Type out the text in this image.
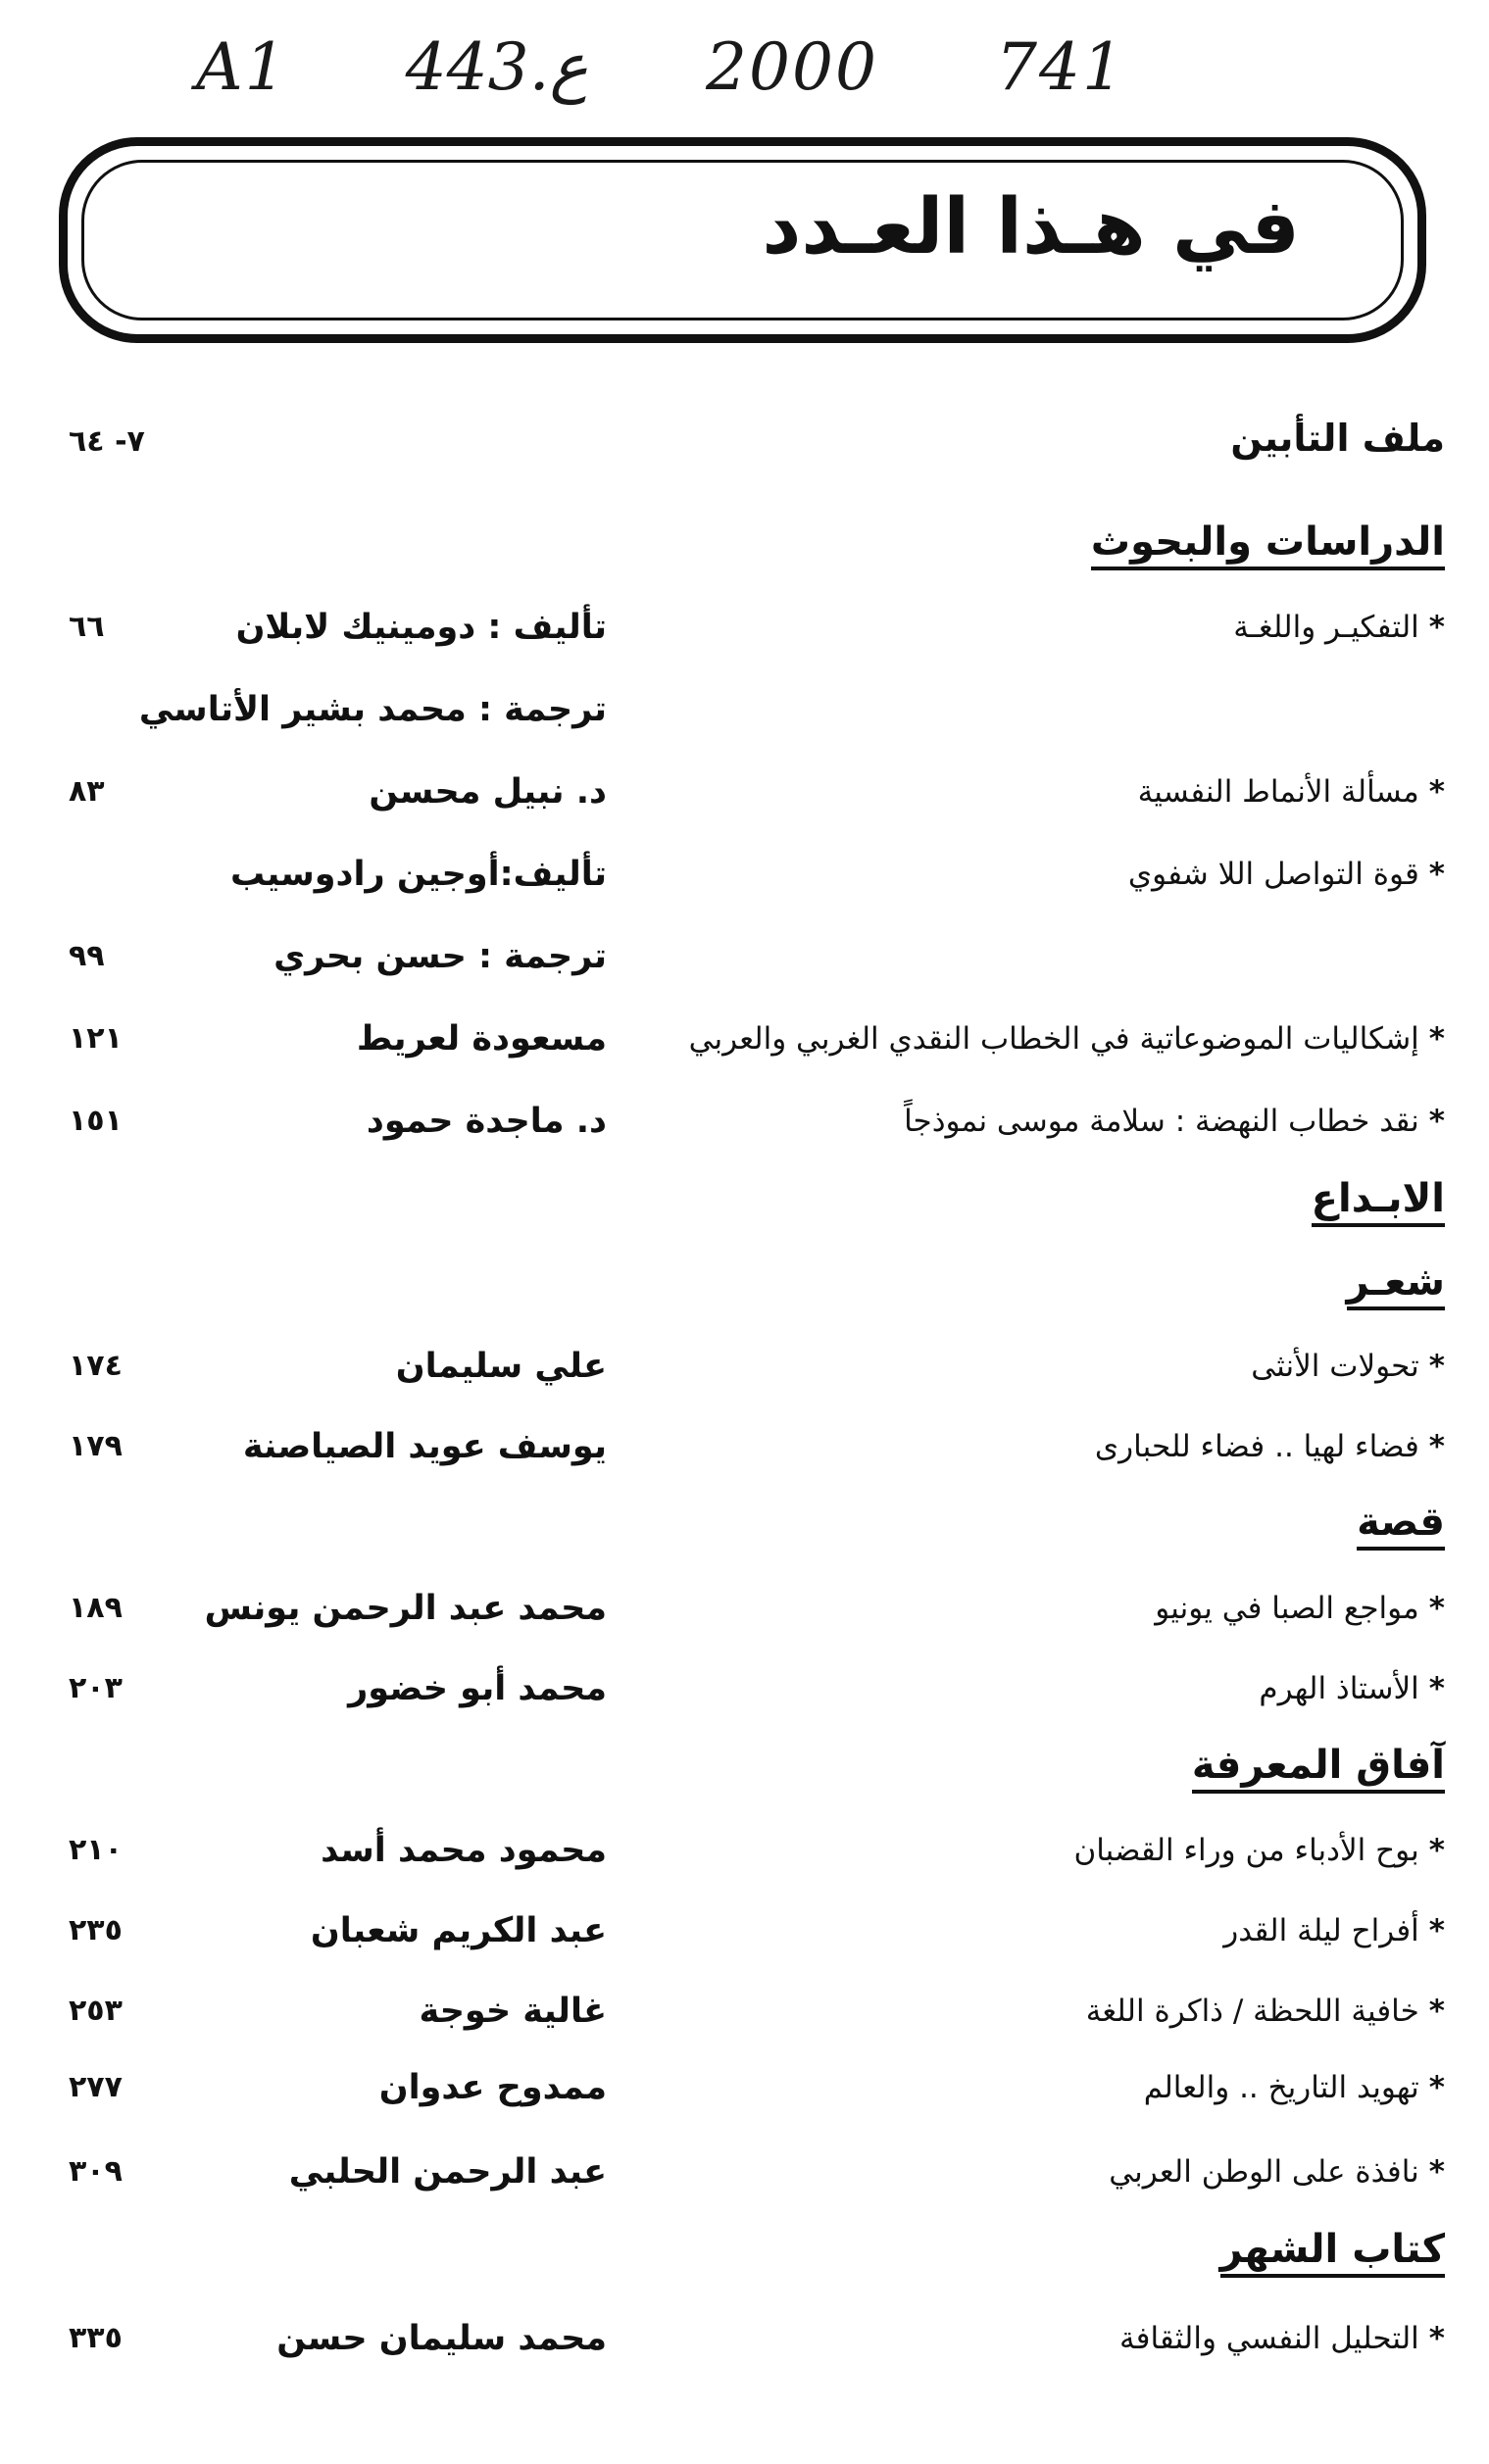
A1 443.ع 2000 741
في هـذا العـدد
ملف التأبين
٧- ٦٤
الدراسات والبحوث
*التفكيـر واللغـة
تأليف : دومينيك لابلان
٦٦
ترجمة : محمد بشير الأتاسي
*مسألة الأنماط النفسية
د. نبيل محسن
٨٣
*قوة التواصل اللا شفوي
تأليف:أوجين رادوسيب
ترجمة : حسن بحري
٩٩
*إشكاليات الموضوعاتية في الخطاب النقدي الغربي والعربي
مسعودة لعريط
١٢١
*نقد خطاب النهضة : سلامة موسى نموذجاً
د. ماجدة حمود
١٥١
الابـداع
شعـر
*تحولات الأنثى
علي سليمان
١٧٤
*فضاء لهيا .. فضاء للحبارى
يوسف عويد الصياصنة
١٧٩
قصة
*مواجع الصبا في يونيو
محمد عبد الرحمن يونس
١٨٩
*الأستاذ الهرم
محمد أبو خضور
٢٠٣
آفاق المعرفة
*بوح الأدباء من وراء القضبان
محمود محمد أسد
٢١٠
*أفراح ليلة القدر
عبد الكريم شعبان
٢٣٥
*خافية اللحظة / ذاكرة اللغة
غالية خوجة
٢٥٣
*تهويد التاريخ .. والعالم
ممدوح عدوان
٢٧٧
*نافذة على الوطن العربي
عبد الرحمن الحلبي
٣٠٩
كتاب الشهر
*التحليل النفسي والثقافة
محمد سليمان حسن
٣٣٥
